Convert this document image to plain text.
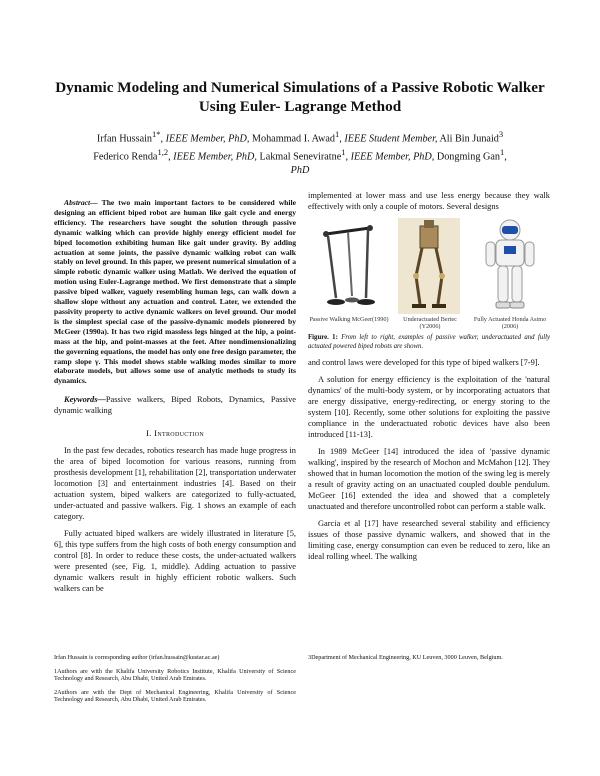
Dynamic Modeling and Numerical Simulations of a Passive Robotic Walker Using Euler- Lagrange Method
Irfan Hussain$^{1*}$, IEEE Member, PhD, Mohammad I. Awad$^1$, IEEE Student Member, Ali Bin Junaid$^3$
Federico Renda$^{1,2}$, IEEE Member, PhD, Lakmal Seneviratne$^1$, IEEE Member, PhD, Dongming Gan$^1$,
PhD

Abstract— The two main important factors to be considered while designing an efficient biped robot are human like gait cycle and energy efficiency. The researchers have sought the solution through passive dynamic walking which can provide highly energy efficient model for biped locomotion exhibiting human like gait under gravity. By adding actuation at some joints, the passive dynamic walking robot can walk stably on level ground. In this paper, we present numerical simulation of a simple robotic dynamic walker using Matlab. We derived the equation of motion using Euler-Lagrange method. We first demonstrate that a simple passive biped walker, vaguely resembling human legs, can walk down a shallow slope without any actuation and control. Later, we extended the passivity property to active dynamic walkers on level ground. Our model is the simplest special case of the passive-dynamic models pioneered by McGeer (1990a). It has two rigid massless legs hinged at the hip, a point-mass at the hip, and point-masses at the feet. After nondimensionalizing the governing equations, the model has only one free design parameter, the ramp slope γ. This model shows stable walking modes similar to more elaborate models, but allows some use of analytic methods to study its dynamics.

Keywords—Passive walkers, Biped Robots, Dynamics, Passive dynamic walking

I. Introduction

In the past few decades, robotics research has made huge progress in the area of biped locomotion for various reasons, running from prosthesis development [1], rehabilitation [2], transportation underwater locomotion [3] and entertainment industries [4]. Based on their actuation system, biped walkers are categorized to fully-actuated, under-actuated and passive walkers. Fig. 1 shows an example of each category.

Fully actuated biped walkers are widely illustrated in literature [5, 6], this type suffers from the high costs of both energy consumption and control [8]. In order to reduce these costs, the under-actuated walkers were presented (see, Fig. 1, middle). Adding actuation to passive dynamic walkers result in highly efficient robotic walkers. Such walkers can be

implemented at lower mass and use less energy because they walk effectively with only a couple of motors. Several designs

Passive Walking McGeer(1990)	Underactuated Bertec (Y2006)
Fully Actuated Honda Asimo (2006)

Figure. 1: From left to right, examples of passive walker, underactuated and fully actuated powered biped robots are shown.

and control laws were developed for this type of biped walkers [7-9].

A solution for energy efficiency is the exploitation of the 'natural dynamics' of the multi-body system, or by incorporating actuators that are energy dissipative, energy-redirecting, or energy storing to the system [10]. Recently, some other solutions for exploiting the passive compliance in the underactuated robotic devices have also been introduced [11-13].

In 1989 McGeer [14] introduced the idea of 'passive dynamic walking', inspired by the research of Mochon and McMahon [12]. They showed that in human locomotion the motion of the swing leg is merely a result of gravity acting on an unactuated coupled double pendulum. McGeer [16] extended the idea and showed that a completely unactuated and therefore uncontrolled robot can perform a stable walk.

Garcia et al [17] have researched several stability and efficiency issues of those passive dynamic walkers, and showed that in the limiting case, energy consumption can even be reduced to zero, like an ideal rolling wheel. The walking

Irfan Hussain is corresponding author (irfan.hussain@kustar.ac.ae)

1Authors are with the Khalifa University Robotics Institute, Khalifa University of Science Technology and Research, Abu Dhabi, United Arab Emirates.

2Authors are with the Dept of Mechanical Engineering, Khalifa University of Science Technology and Research, Abu Dhabi, United Arab Emirates.

3Department of Mechanical Engineering, KU Leuven, 3000 Leuven, Belgium.
